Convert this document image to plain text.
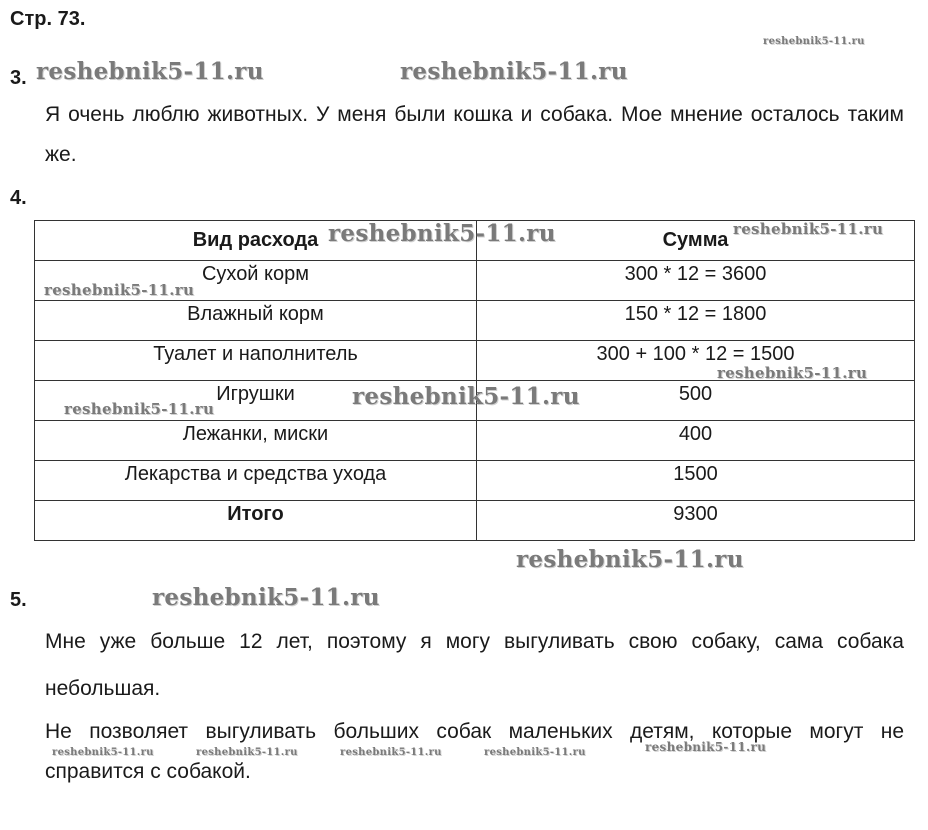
Стр. 73.
reshebnik5-11.ru
3. reshebnik5-11.ru	reshebnik5-11.ru
Я очень люблю животных. У меня были кошка и собака. Мое мнение осталось таким же.
4.
Вид расхода	Сумма
Сухой корм	300 * 12 = 3600
Влажный корм	150 * 12 = 1800
Туалет и наполнитель	300 + 100 * 12 = 1500
Игрушки	500
Лежанки, миски	400
Лекарства и средства ухода	1500
Итого	9300
reshebnik5-11.ru	reshebnik5-11.ru
reshebnik5-11.ru
reshebnik5-11.ru
reshebnik5-11.ru	reshebnik5-11.ru
reshebnik5-11.ru
5.	reshebnik5-11.ru
Мне уже больше 12 лет, поэтому я могу выгуливать свою собаку, сама собака небольшая.
Не позволяет выгуливать больших собак маленьких детям, которые могут не справится с собакой.
reshebnik5-11.ru	reshebnik5-11.ru	reshebnik5-11.ru	reshebnik5-11.ru	reshebnik5-11.ru
